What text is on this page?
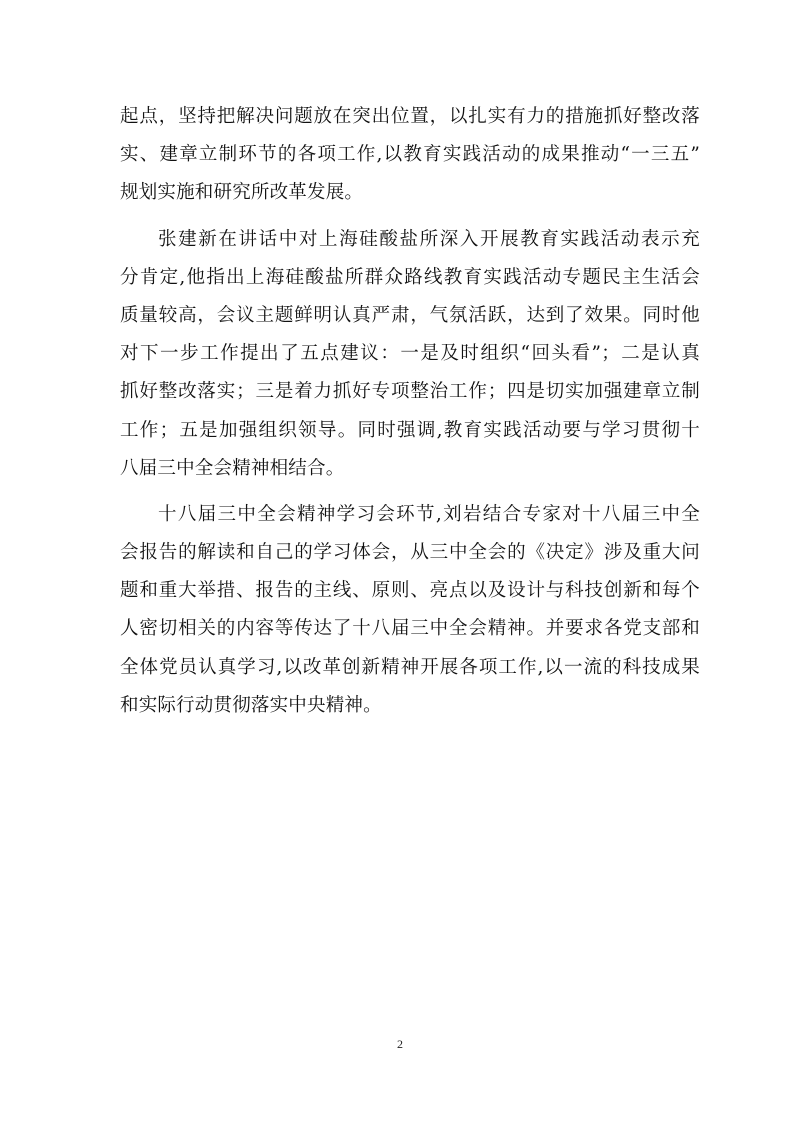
起点，坚持把解决问题放在突出位置，以扎实有力的措施抓好整改落
实、建章立制环节的各项工作,以教育实践活动的成果推动“一三五”
规划实施和研究所改革发展。
张建新在讲话中对上海硅酸盐所深入开展教育实践活动表示充
分肯定,他指出上海硅酸盐所群众路线教育实践活动专题民主生活会
质量较高，会议主题鲜明认真严肃，气氛活跃，达到了效果。同时他
对下一步工作提出了五点建议：一是及时组织“回头看”；二是认真
抓好整改落实；三是着力抓好专项整治工作；四是切实加强建章立制
工作；五是加强组织领导。同时强调,教育实践活动要与学习贯彻十
八届三中全会精神相结合。
十八届三中全会精神学习会环节,刘岩结合专家对十八届三中全
会报告的解读和自己的学习体会，从三中全会的《决定》涉及重大问
题和重大举措、报告的主线、原则、亮点以及设计与科技创新和每个
人密切相关的内容等传达了十八届三中全会精神。并要求各党支部和
全体党员认真学习,以改革创新精神开展各项工作,以一流的科技成果
和实际行动贯彻落实中央精神。
2
